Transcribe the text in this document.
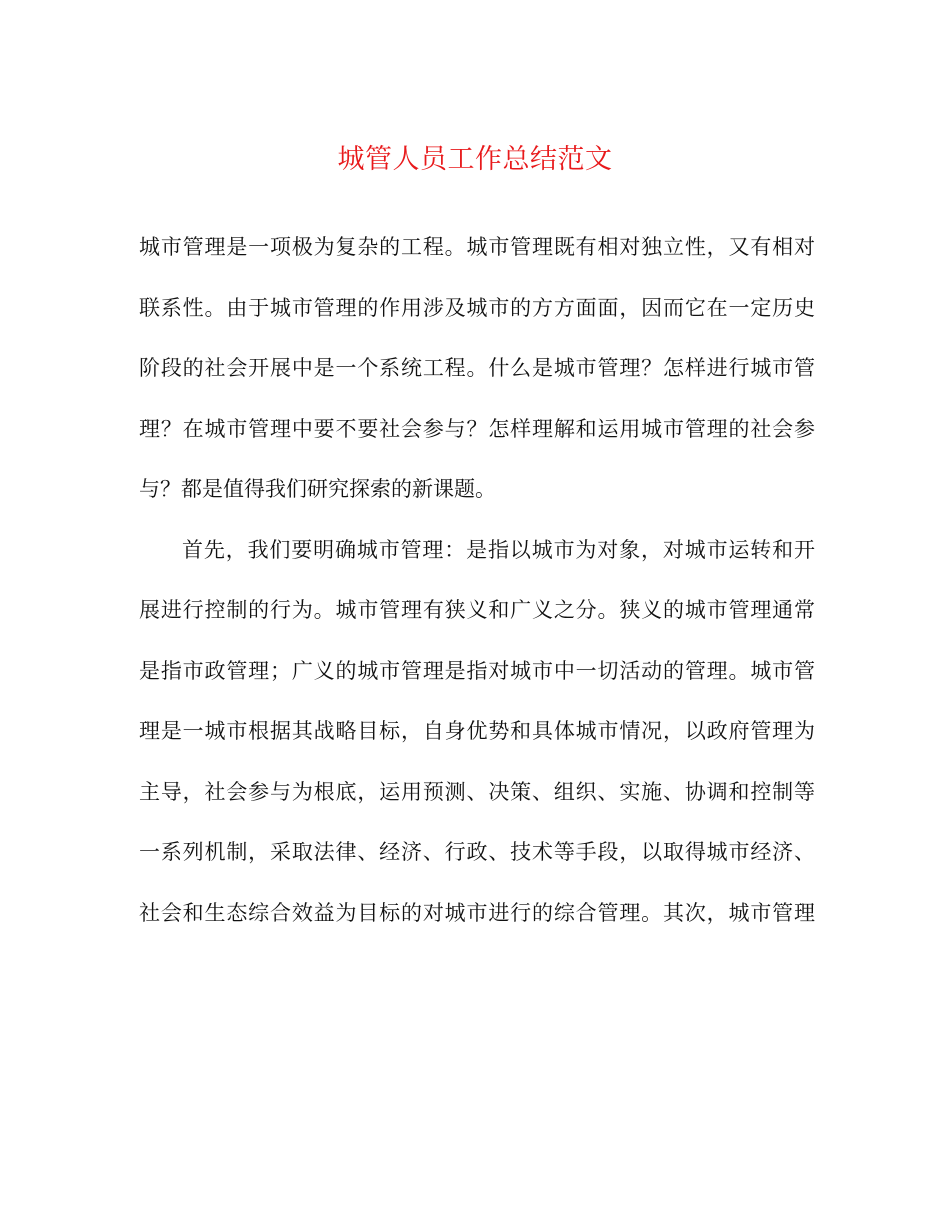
城管人员工作总结范文
城市管理是一项极为复杂的工程。城市管理既有相对独立性，又有相对
联系性。由于城市管理的作用涉及城市的方方面面，因而它在一定历史
阶段的社会开展中是一个系统工程。什么是城市管理？怎样进行城市管
理？在城市管理中要不要社会参与？怎样理解和运用城市管理的社会参
与？都是值得我们研究探索的新课题。
首先，我们要明确城市管理：是指以城市为对象，对城市运转和开
展进行控制的行为。城市管理有狭义和广义之分。狭义的城市管理通常
是指市政管理；广义的城市管理是指对城市中一切活动的管理。城市管
理是一城市根据其战略目标，自身优势和具体城市情况，以政府管理为
主导，社会参与为根底，运用预测、决策、组织、实施、协调和控制等
一系列机制，采取法律、经济、行政、技术等手段，以取得城市经济、
社会和生态综合效益为目标的对城市进行的综合管理。其次，城市管理
